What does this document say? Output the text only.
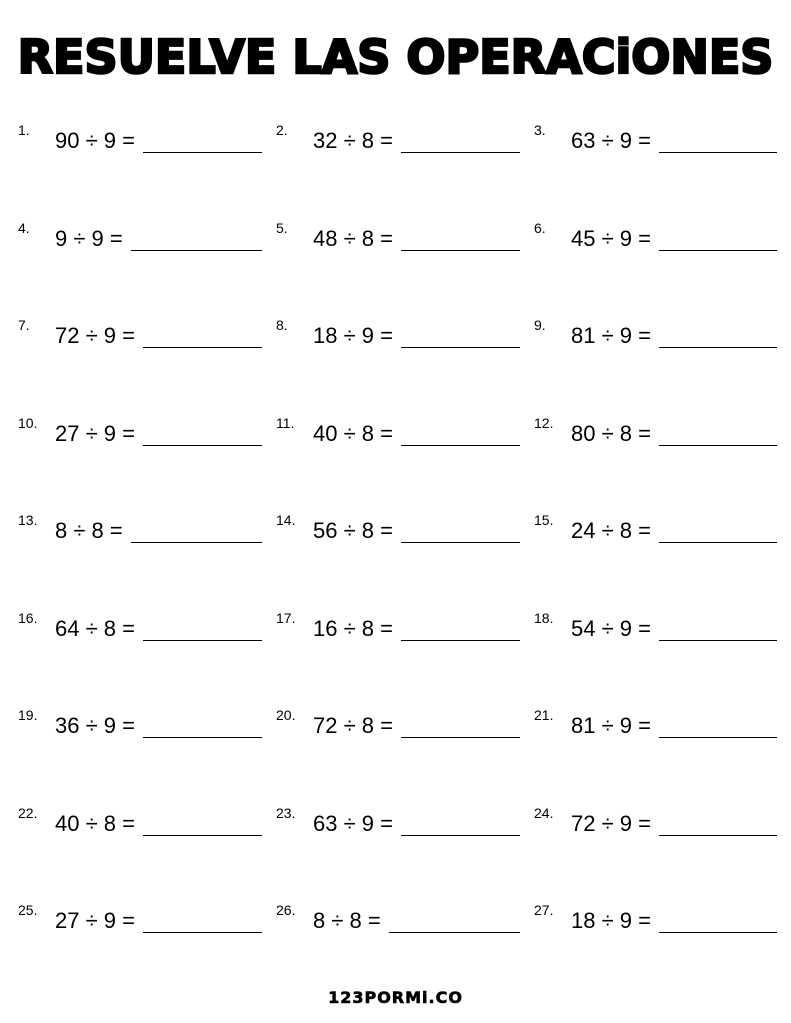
RESUELVE LAS OPERACiONES
1. 90 ÷ 9 =	2. 32 ÷ 8 =	3. 63 ÷ 9 =
4. 9 ÷ 9 =	5. 48 ÷ 8 =	6. 45 ÷ 9 =
7. 72 ÷ 9 =	8. 18 ÷ 9 =	9. 81 ÷ 9 =
10. 27 ÷ 9 =	11. 40 ÷ 8 =	12. 80 ÷ 8 =
13. 8 ÷ 8 =	14. 56 ÷ 8 =	15. 24 ÷ 8 =
16. 64 ÷ 8 =	17. 16 ÷ 8 =	18. 54 ÷ 9 =
19. 36 ÷ 9 =	20. 72 ÷ 8 =	21. 81 ÷ 9 =
22. 40 ÷ 8 =	23. 63 ÷ 9 =	24. 72 ÷ 9 =
25. 27 ÷ 9 =	26. 8 ÷ 8 =	27. 18 ÷ 9 =
123PORMi.CO
